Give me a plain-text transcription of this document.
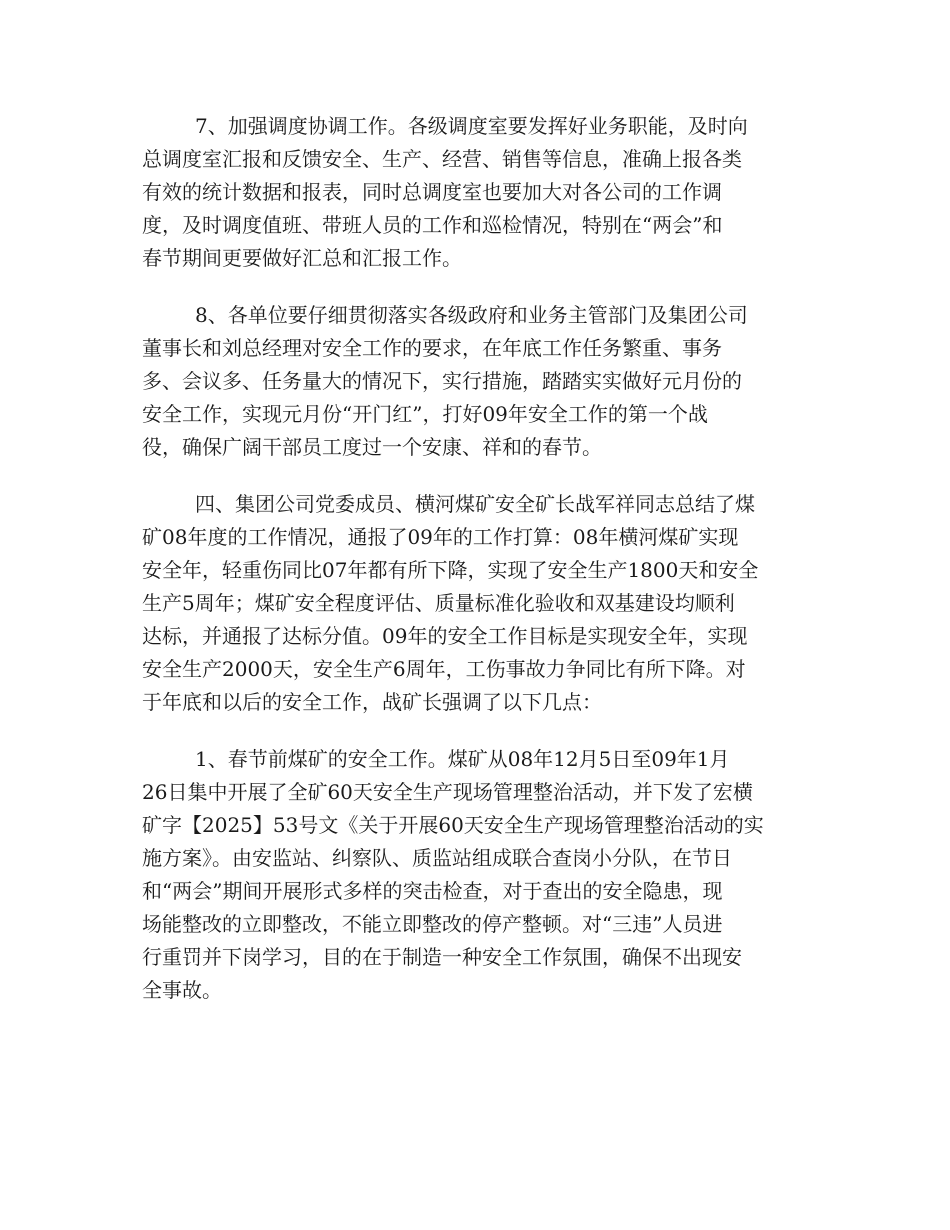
7、加强调度协调工作。各级调度室要发挥好业务职能，及时向
总调度室汇报和反馈安全、生产、经营、销售等信息，准确上报各类
有效的统计数据和报表，同时总调度室也要加大对各公司的工作调
度，及时调度值班、带班人员的工作和巡检情况，特别在“两会”和
春节期间更要做好汇总和汇报工作。
8、各单位要仔细贯彻落实各级政府和业务主管部门及集团公司
董事长和刘总经理对安全工作的要求，在年底工作任务繁重、事务
多、会议多、任务量大的情况下，实行措施，踏踏实实做好元月份的
安全工作，实现元月份“开门红”，打好09年安全工作的第一个战
役，确保广阔干部员工度过一个安康、祥和的春节。
四、集团公司党委成员、横河煤矿安全矿长战军祥同志总结了煤
矿08年度的工作情况，通报了09年的工作打算：08年横河煤矿实现
安全年，轻重伤同比07年都有所下降，实现了安全生产1800天和安全
生产5周年；煤矿安全程度评估、质量标准化验收和双基建设均顺利
达标，并通报了达标分值。09年的安全工作目标是实现安全年，实现
安全生产2000天，安全生产6周年，工伤事故力争同比有所下降。对
于年底和以后的安全工作，战矿长强调了以下几点：
1、春节前煤矿的安全工作。煤矿从08年12月5日至09年1月
26日集中开展了全矿60天安全生产现场管理整治活动，并下发了宏横
矿字【2025】53号文《关于开展60天安全生产现场管理整治活动的实
施方案》。由安监站、纠察队、质监站组成联合查岗小分队，在节日
和“两会”期间开展形式多样的突击检查，对于查出的安全隐患，现
场能整改的立即整改，不能立即整改的停产整顿。对“三违”人员进
行重罚并下岗学习，目的在于制造一种安全工作氛围，确保不出现安
全事故。
